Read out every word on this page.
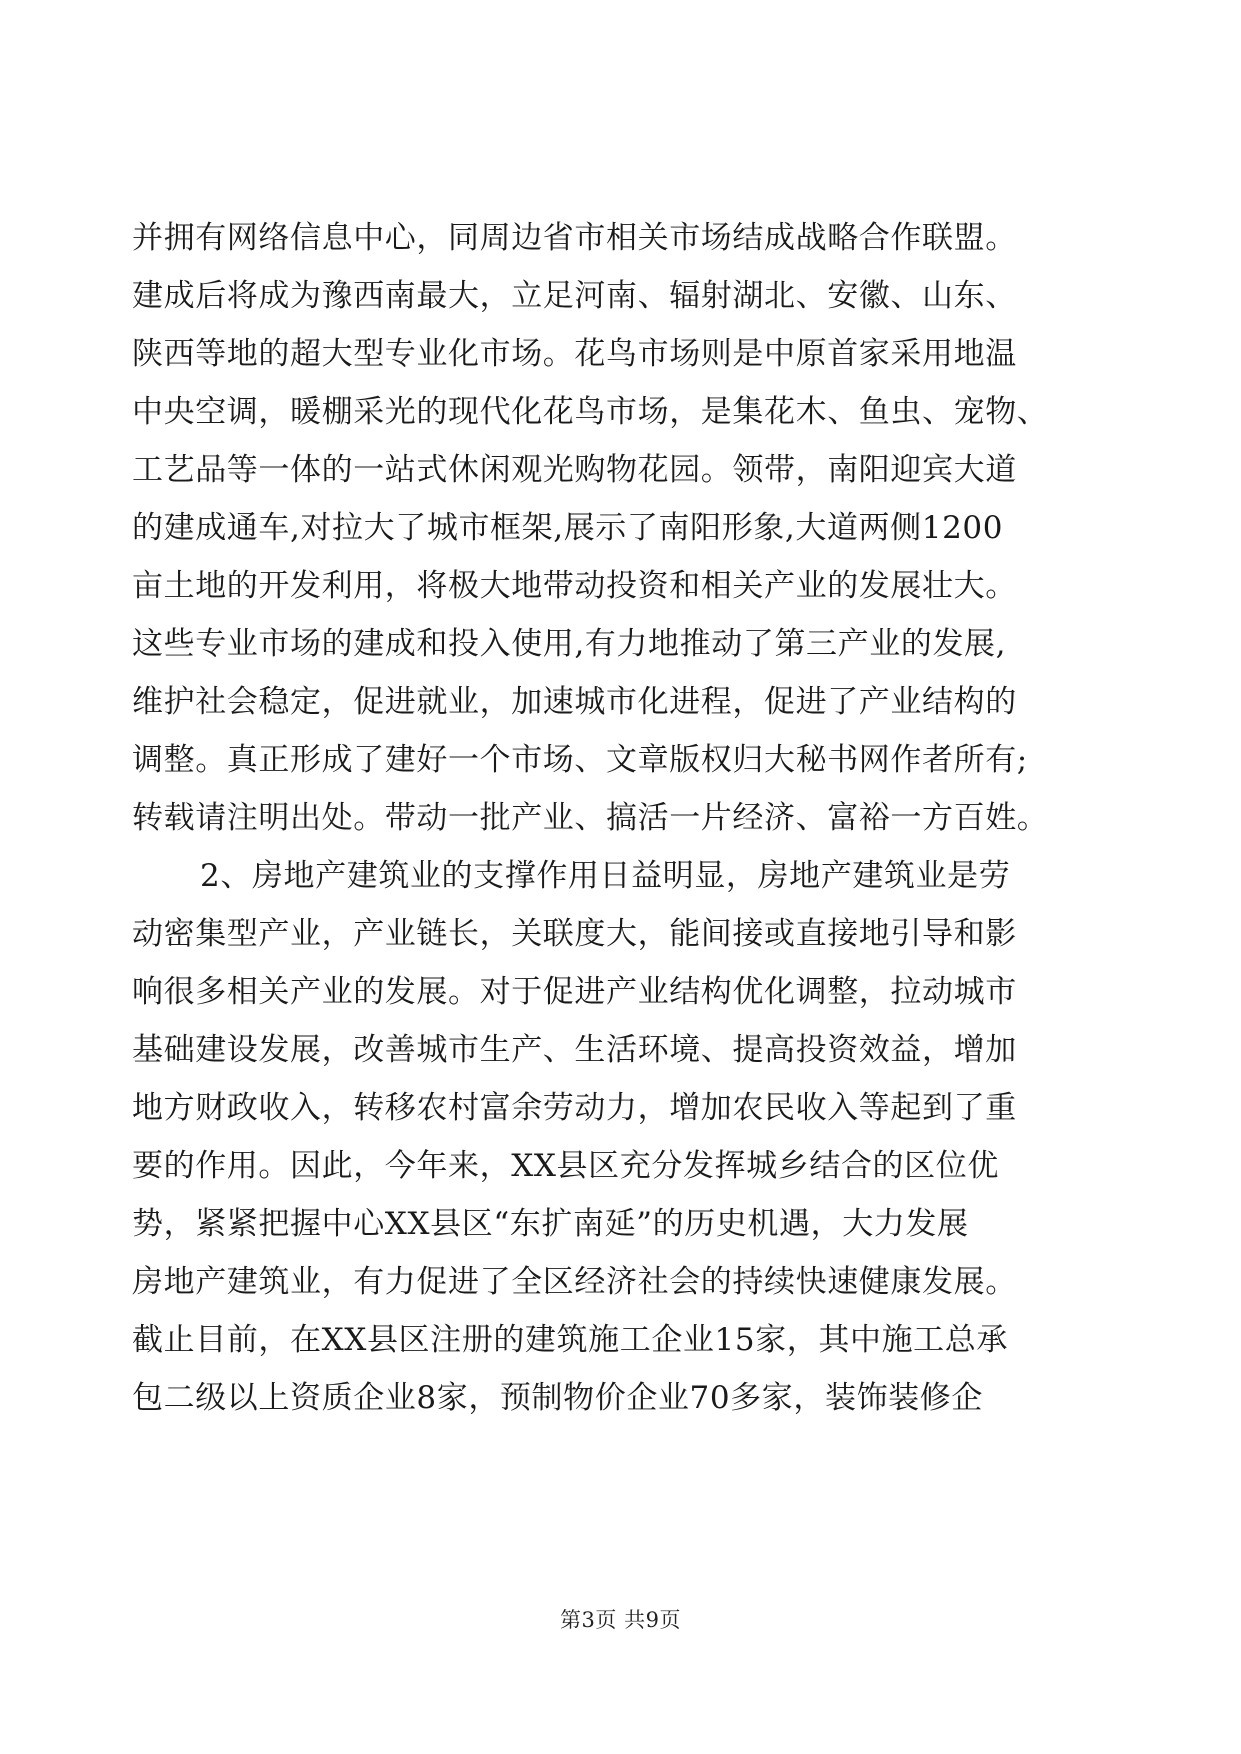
并拥有网络信息中心，同周边省市相关市场结成战略合作联盟。
建成后将成为豫西南最大，立足河南、辐射湖北、安徽、山东、
陕西等地的超大型专业化市场。花鸟市场则是中原首家采用地温
中央空调，暖棚采光的现代化花鸟市场，是集花木、鱼虫、宠物、
工艺品等一体的一站式休闲观光购物花园。领带，南阳迎宾大道
的建成通车,对拉大了城市框架,展示了南阳形象,大道两侧1200
亩土地的开发利用，将极大地带动投资和相关产业的发展壮大。
这些专业市场的建成和投入使用,有力地推动了第三产业的发展,
维护社会稳定，促进就业，加速城市化进程，促进了产业结构的
调整。真正形成了建好一个市场、文章版权归大秘书网作者所有;
转载请注明出处。带动一批产业、搞活一片经济、富裕一方百姓。
2、房地产建筑业的支撑作用日益明显，房地产建筑业是劳
动密集型产业，产业链长，关联度大，能间接或直接地引导和影
响很多相关产业的发展。对于促进产业结构优化调整，拉动城市
基础建设发展，改善城市生产、生活环境、提高投资效益，增加
地方财政收入，转移农村富余劳动力，增加农民收入等起到了重
要的作用。因此，今年来，XX县区充分发挥城乡结合的区位优
势，紧紧把握中心XX县区“东扩南延”的历史机遇，大力发展
房地产建筑业，有力促进了全区经济社会的持续快速健康发展。
截止目前，在XX县区注册的建筑施工企业15家，其中施工总承
包二级以上资质企业8家，预制物价企业70多家，装饰装修企
第3页 共9页
